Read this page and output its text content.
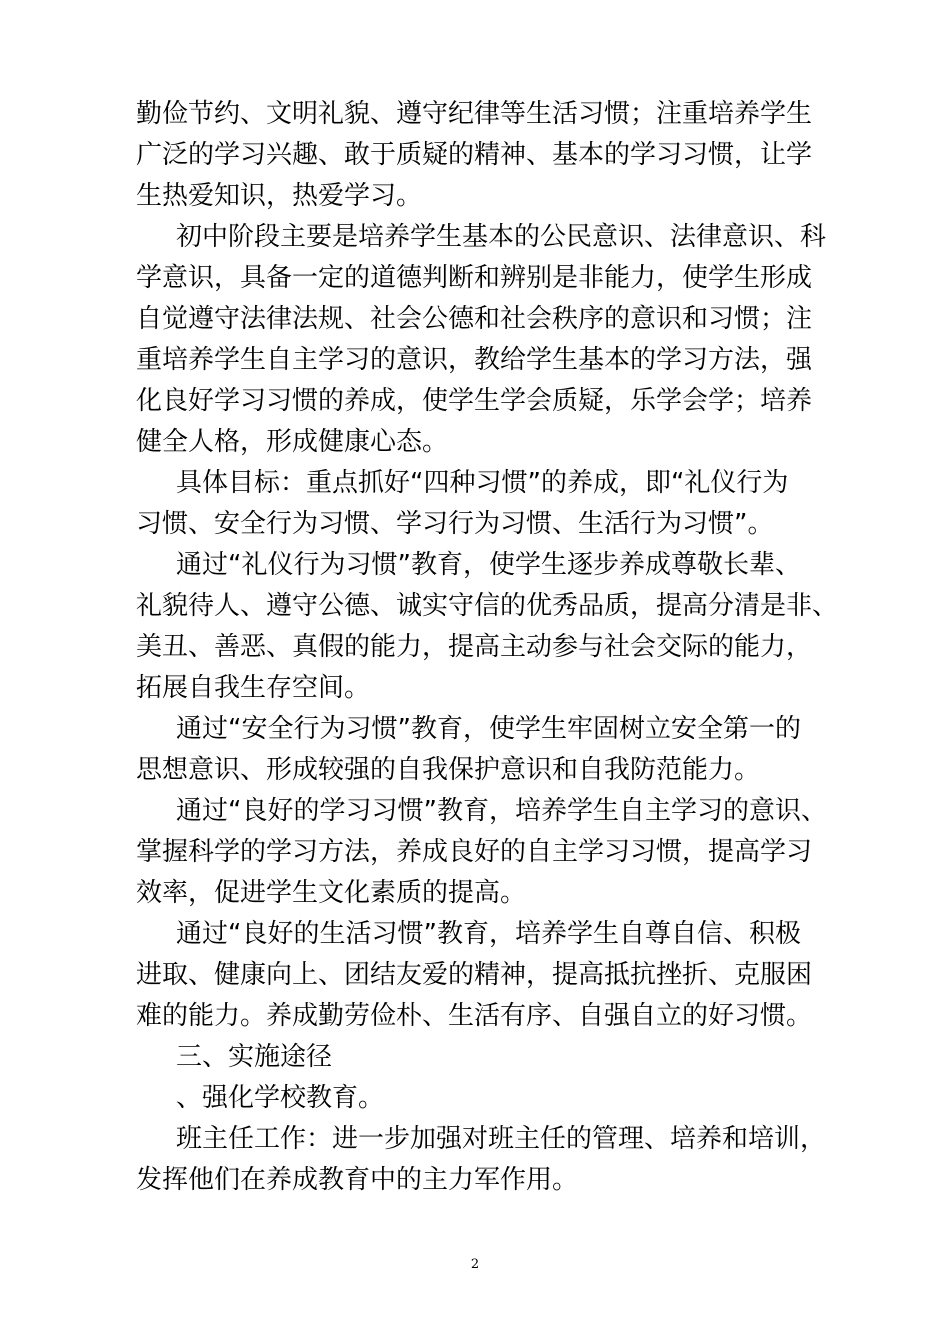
勤俭节约、文明礼貌、遵守纪律等生活习惯；注重培养学生
广泛的学习兴趣、敢于质疑的精神、基本的学习习惯，让学
生热爱知识，热爱学习。
初中阶段主要是培养学生基本的公民意识、法律意识、科
学意识，具备一定的道德判断和辨别是非能力，使学生形成
自觉遵守法律法规、社会公德和社会秩序的意识和习惯；注
重培养学生自主学习的意识，教给学生基本的学习方法，强
化良好学习习惯的养成，使学生学会质疑，乐学会学；培养
健全人格，形成健康心态。
具体目标：重点抓好“四种习惯”的养成，即“礼仪行为
习惯、安全行为习惯、学习行为习惯、生活行为习惯”。
通过“礼仪行为习惯”教育，使学生逐步养成尊敬长辈、
礼貌待人、遵守公德、诚实守信的优秀品质，提高分清是非、
美丑、善恶、真假的能力，提高主动参与社会交际的能力，
拓展自我生存空间。
通过“安全行为习惯”教育，使学生牢固树立安全第一的
思想意识、形成较强的自我保护意识和自我防范能力。
通过“良好的学习习惯”教育，培养学生自主学习的意识、
掌握科学的学习方法，养成良好的自主学习习惯，提高学习
效率，促进学生文化素质的提高。
通过“良好的生活习惯”教育，培养学生自尊自信、积极
进取、健康向上、团结友爱的精神，提高抵抗挫折、克服困
难的能力。养成勤劳俭朴、生活有序、自强自立的好习惯。
三、实施途径
、强化学校教育。
班主任工作：进一步加强对班主任的管理、培养和培训，
发挥他们在养成教育中的主力军作用。
2
